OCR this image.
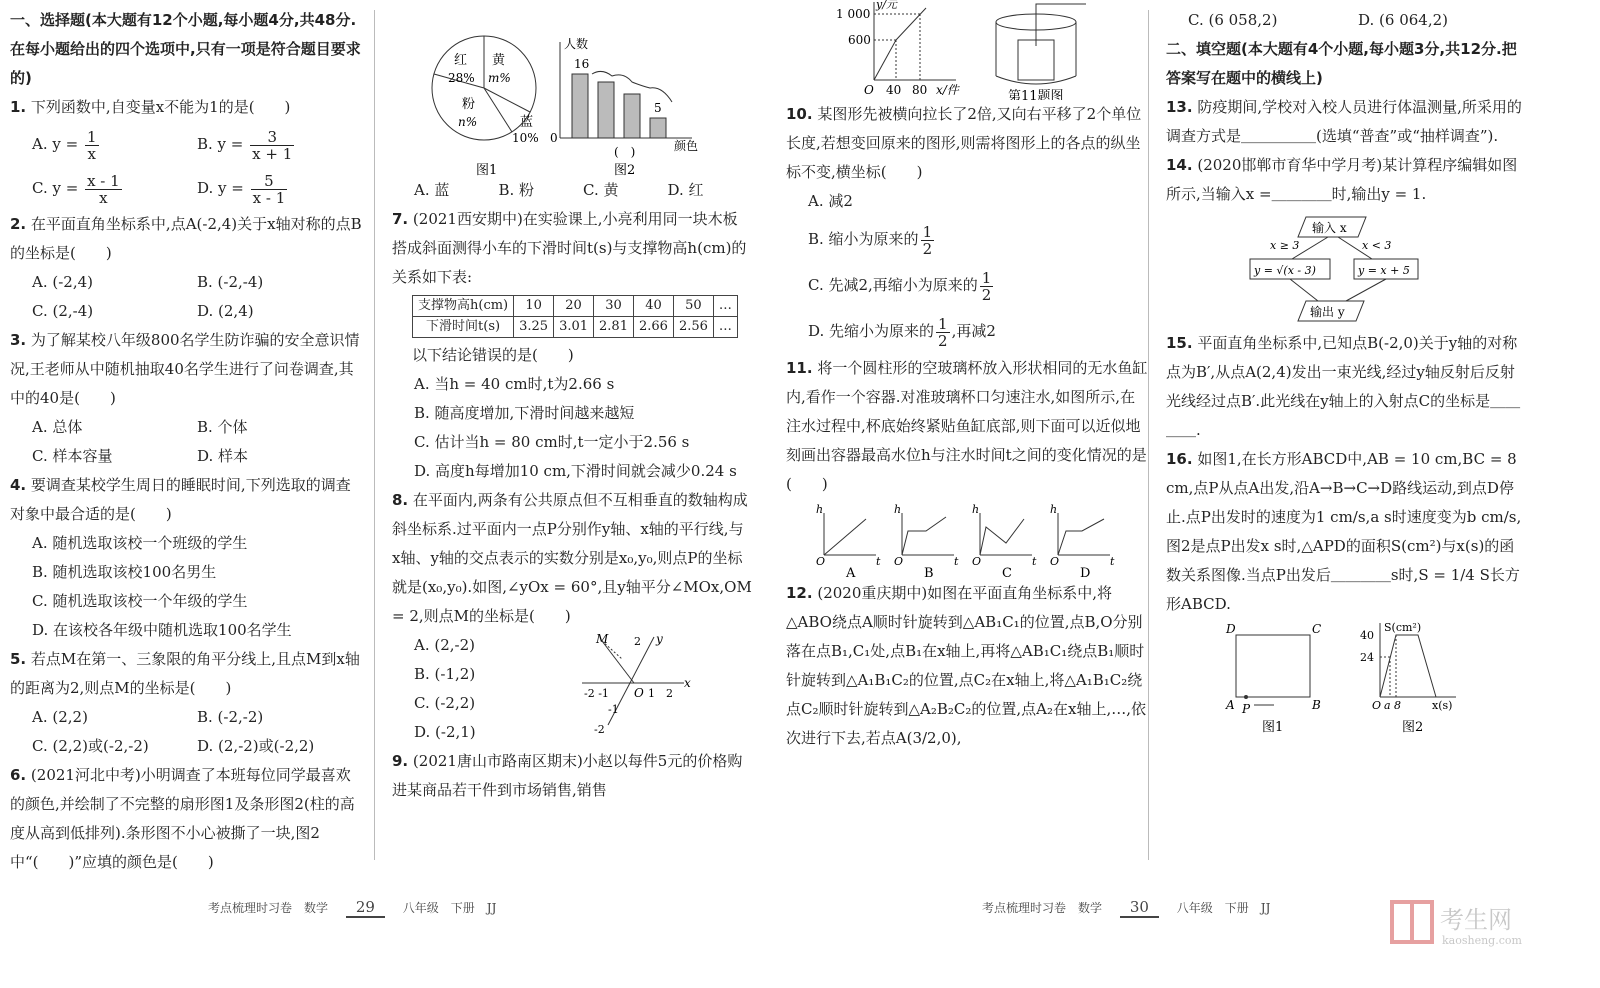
一、选择题(本大题有12个小题,每小题4分,共48分.在每小题给出的四个选项中,只有一项是符合题目要求的)
1. 下列函数中,自变量x不能为1的是(　　)
A. $y = \frac{1}{x}$	B. $y = \frac{3}{x + 1}$
C. $y = \frac{x - 1}{x}$	D. $y = \frac{5}{x - 1}$
2. 在平面直角坐标系中,点A(-2,4)关于x轴对称的点B的坐标是(　　)
A. (-2,4)	B. (-2,-4)
C. (2,-4)	D. (2,4)
3. 为了解某校八年级800名学生防诈骗的安全意识情况,王老师从中随机抽取40名学生进行了问卷调查,其中的40是(　　)
A. 总体	B. 个体
C. 样本容量	D. 样本
4. 要调查某校学生周日的睡眠时间,下列选取的调查对象中最合适的是(　　)
A. 随机选取该校一个班级的学生
B. 随机选取该校100名男生
C. 随机选取该校一个年级的学生
D. 在该校各年级中随机选取100名学生
5. 若点M在第一、三象限的角平分线上,且点M到x轴的距离为2,则点M的坐标是(　　)
A. (2,2)	B. (-2,-2)
C. (2,2)或(-2,-2)	D. (2,-2)或(-2,2)
6. (2021河北中考)小明调查了本班每位同学最喜欢的颜色,并绘制了不完整的扇形图1及条形图2(柱的高度从高到低排列).条形图不小心被撕了一块,图2中“(　　)”应填的颜色是(　　)
红
28%
黄
m%
粉
n%	蓝
10%
图1
人数
颜色
0
16
5
(　)
图2
A. 蓝	B. 粉	C. 黄	D. 红
7. (2021西安期中)在实验课上,小亮利用同一块木板搭成斜面测得小车的下滑时间t(s)与支撑物高h(cm)的关系如下表:
支撑物高h(cm)	10	20	30	40	50	…
下滑时间t(s)	3.25	3.01	2.81	2.66	2.56	…
以下结论错误的是(　　)
A. 当h = 40 cm时,t为2.66 s
B. 随高度增加,下滑时间越来越短
C. 估计当h = 80 cm时,t一定小于2.56 s
D. 高度h每增加10 cm,下滑时间就会减少0.24 s
8. 在平面内,两条有公共原点但不互相垂直的数轴构成斜坐标系.过平面内一点P分别作y轴、x轴的平行线,与x轴、y轴的交点表示的实数分别是x₀,y₀,则点P的坐标就是(x₀,y₀).如图,∠yOx = 60°,且y轴平分∠MOx,OM = 2,则点M的坐标是(　　)
A. (2,-2)
B. (-1,2)
C. (-2,2)
D. (-2,1)
M
O
x
y
-2 -1	1　2
2
-1
-2
9. (2021唐山市路南区期末)小赵以每件5元的价格购进某商品若干件到市场销售,销售
1 000
600
40 80 x/件
y/元
O	第11题图
10. 某图形先被横向拉长了2倍,又向右平移了2个单位长度,若想变回原来的图形,则需将图形上的各点的纵坐标不变,横坐标(　　)
A. 减2
B. 缩小为原来的 $\frac{1}{2}$
C. 先减2,再缩小为原来的 $\frac{1}{2}$
D. 先缩小为原来的 $\frac{1}{2}$ ,再减2
11. 将一个圆柱形的空玻璃杯放入形状相同的无水鱼缸内,看作一个容器.对准玻璃杯口匀速注水,如图所示,在注水过程中,杯底始终紧贴鱼缸底部,则下面可以近似地刻画出容器最高水位h与注水时间t之间的变化情况的是(　　)
O
h
t
A
O
h
t
B
O
h
t
C
O
h
t
D
12. (2020重庆期中)如图在平面直角坐标系中,将△ABO绕点A顺时针旋转到△AB₁C₁的位置,点B,O分别落在点B₁,C₁处,点B₁在x轴上,再将△AB₁C₁绕点B₁顺时针旋转到△A₁B₁C₂的位置,点C₂在x轴上,将△A₁B₁C₂绕点C₂顺时针旋转到△A₂B₂C₂的位置,点A₂在x轴上,…,依次进行下去,若点A(3/2,0),
C. (6 058,2)	D. (6 064,2)
二、填空题(本大题有4个小题,每小题3分,共12分.把答案写在题中的横线上)
13. 防疫期间,学校对入校人员进行体温测量,所采用的调查方式是＿＿＿＿＿(选填“普查”或“抽样调查”).
14. (2020邯郸市育华中学月考)某计算程序编辑如图所示,当输入x =＿＿＿＿时,输出y = 1.
输入 x
x ≥ 3	x < 3
y = √(x - 3)	y = x + 5
输出 y
15. 平面直角坐标系中,已知点B(-2,0)关于y轴的对称点为B′,从点A(2,4)发出一束光线,经过y轴反射后反射光线经过点B′.此光线在y轴上的入射点C的坐标是＿＿＿＿.
16. 如图1,在长方形ABCD中,AB = 10 cm,BC = 8 cm,点P从点A出发,沿A→B→C→D路线运动,到点D停止.点P出发时的速度为1 cm/s,a s时速度变为b cm/s,图2是点P出发x s时,△APD的面积S(cm²)与x(s)的函数关系图像.当点P出发后＿＿＿＿s时,S = 1/4 S长方形ABCD.
D	C
A	B
P
图1
S(cm²)
40
24
a 8	x(s)
O
图2
考点梳理时习卷　数学 29 八年级　下册　JJ	考点梳理时习卷　数学 30 八年级　下册　JJ	考生网
kaosheng.com
